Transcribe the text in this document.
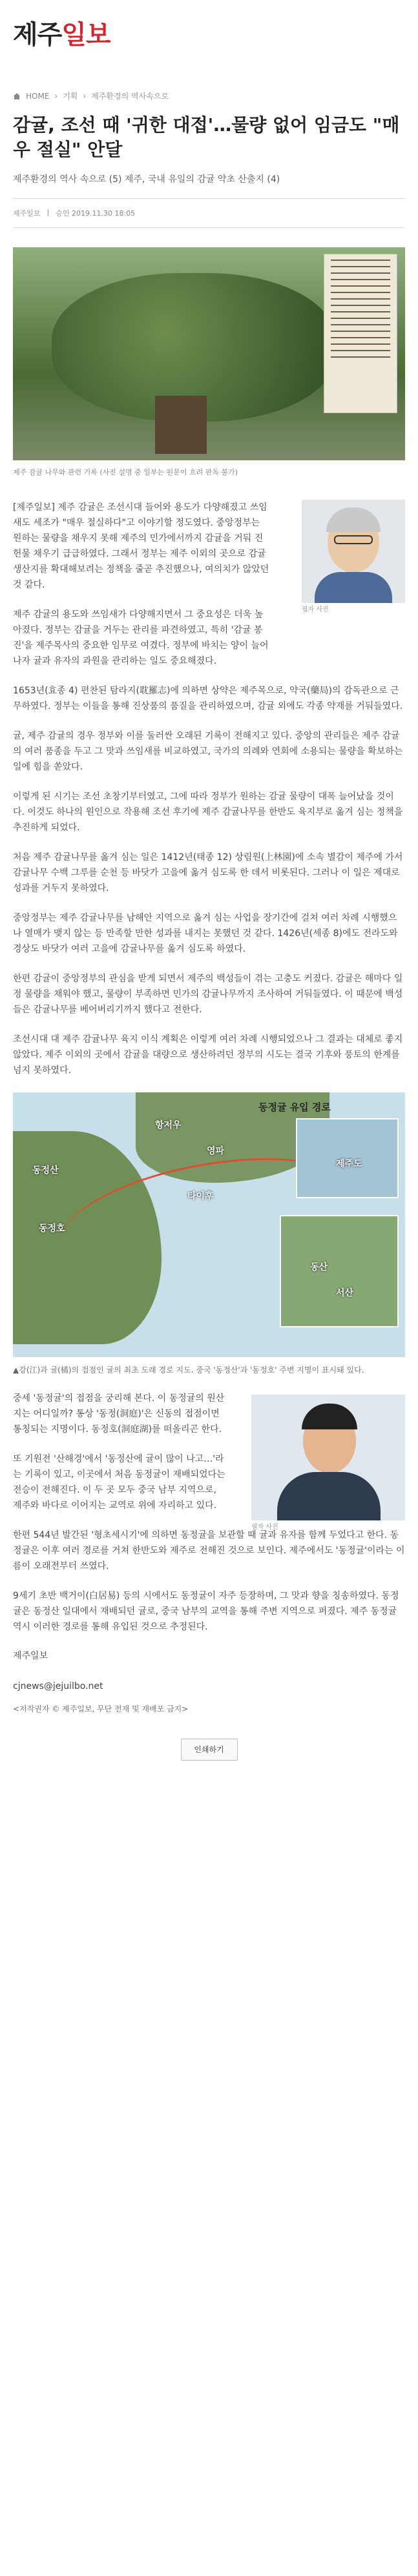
제주일보
HOME › 기획 › 제주환경의 역사속으로
감귤, 조선 때 '귀한 대접'…물량 없어 임금도 "매우 절실" 안달
제주환경의 역사 속으로 (5) 제주, 국내 유일의 감귤 약초 산출지 (4)
제주일보 | 승인 2019.11.30 18:05
제주 감귤 나무와 관련 기록 (사진 설명 중 일부는 원문이 흐려 판독 불가)
필자 사진

[제주일보] 제주 감귤은 조선시대 들어와 용도가 다양해졌고 쓰임새도 세조가 "매우 절실하다"고 이야기할 정도였다. 중앙정부는 원하는 물량을 채우지 못해 제주의 민가에서까지 감귤을 거둬 진헌물 채우기 급급하였다. 그래서 정부는 제주 이외의 곳으로 감귤생산지를 확대해보려는 정책을 줄곧 추진했으나, 여의치가 않았던 것 같다.

제주 감귤의 용도와 쓰임새가 다양해지면서 그 중요성은 더욱 높아졌다. 정부는 감귤을 거두는 관리를 파견하였고, 특히 '감귤 봉진'을 제주목사의 중요한 임무로 여겼다. 정부에 바치는 양이 늘어나자 귤과 유자의 과원을 관리하는 일도 중요해졌다.

1653년(효종 4) 편찬된 탐라지(耽羅志)에 의하면 상약은 제주목으로, 약국(藥局)의 감독관으로 근무하였다. 정부는 이들을 통해 진상품의 품질을 관리하였으며, 감귤 외에도 각종 약재를 거둬들였다.

귤, 제주 감귤의 경우 정부와 이를 둘러싼 오래된 기록이 전해지고 있다. 중앙의 관리들은 제주 감귤의 여러 품종을 두고 그 맛과 쓰임새를 비교하였고, 국가의 의례와 연회에 소용되는 물량을 확보하는 일에 힘을 쏟았다.

이렇게 된 시기는 조선 초창기부터였고, 그에 따라 정부가 원하는 감귤 물량이 대폭 늘어났을 것이다. 이것도 하나의 원인으로 작용해 조선 후기에 제주 감귤나무를 한반도 육지부로 옮겨 심는 정책을 추진하게 되었다.

처음 제주 감귤나무를 옮겨 심는 일은 1412년(태종 12) 상림원(上林園)에 소속 별감이 제주에 가서 감귤나무 수백 그루를 순천 등 바닷가 고을에 옮겨 심도록 한 데서 비롯된다. 그러나 이 일은 제대로 성과를 거두지 못하였다.

중앙정부는 제주 감귤나무를 남해안 지역으로 옮겨 심는 사업을 장기간에 걸쳐 여러 차례 시행했으나 열매가 맺지 않는 등 만족할 만한 성과를 내지는 못했던 것 같다. 1426년(세종 8)에도 전라도와 경상도 바닷가 여러 고을에 감귤나무를 옮겨 심도록 하였다.

한편 감귤이 중앙정부의 관심을 받게 되면서 제주의 백성들이 겪는 고충도 커졌다. 감귤은 해마다 일정 물량을 채워야 했고, 물량이 부족하면 민가의 감귤나무까지 조사하여 거둬들였다. 이 때문에 백성들은 감귤나무를 베어버리기까지 했다고 전한다.

조선시대 대 제주 감귤나무 육지 이식 계획은 이렇게 여러 차례 시행되었으나 그 결과는 대체로 좋지 않았다. 제주 이외의 곳에서 감귤을 대량으로 생산하려던 정부의 시도는 결국 기후와 풍토의 한계를 넘지 못하였다.

동정귤 유입 경로
동정산
동정호
항저우
영파
타이후
제주도
동산
서산
▲강(江)과 귤(橘)의 접점인 귤의 최초 도래 경로 지도. 중국 '동정산'과 '동정호' 주변 지명이 표시돼 있다.
필자 사진

중세 '동정귤'의 접점을 궁리해 본다. 이 동정귤의 원산지는 어디일까? 통상 '동정(洞庭)'은 신동의 접점이면 통칭되는 지명이다. 동정호(洞庭湖)를 떠올리곤 한다.

또 기원전 '산해경'에서 '동정산에 귤이 많이 나고…'라는 기록이 있고, 이곳에서 처음 동정귤이 재배되었다는 전승이 전해진다. 이 두 곳 모두 중국 남부 지역으로, 제주와 바다로 이어지는 교역로 위에 자리하고 있다.

한편 544년 발간된 '형초세시기'에 의하면 동정귤을 보관할 때 귤과 유자를 함께 두었다고 한다. 동정귤은 이후 여러 경로를 거쳐 한반도와 제주로 전해진 것으로 보인다. 제주에서도 '동정귤'이라는 이름이 오래전부터 쓰였다.

9세기 초반 백거이(白居易) 등의 시에서도 동정귤이 자주 등장하며, 그 맛과 향을 칭송하였다. 동정귤은 동정산 일대에서 재배되던 귤로, 중국 남부의 교역을 통해 주변 지역으로 퍼졌다. 제주 동정귤 역시 이러한 경로를 통해 유입된 것으로 추정된다.

제주일보
cjnews@jejuilbo.net
<저작권자 © 제주일보, 무단 전재 및 재배포 금지>
인쇄하기
